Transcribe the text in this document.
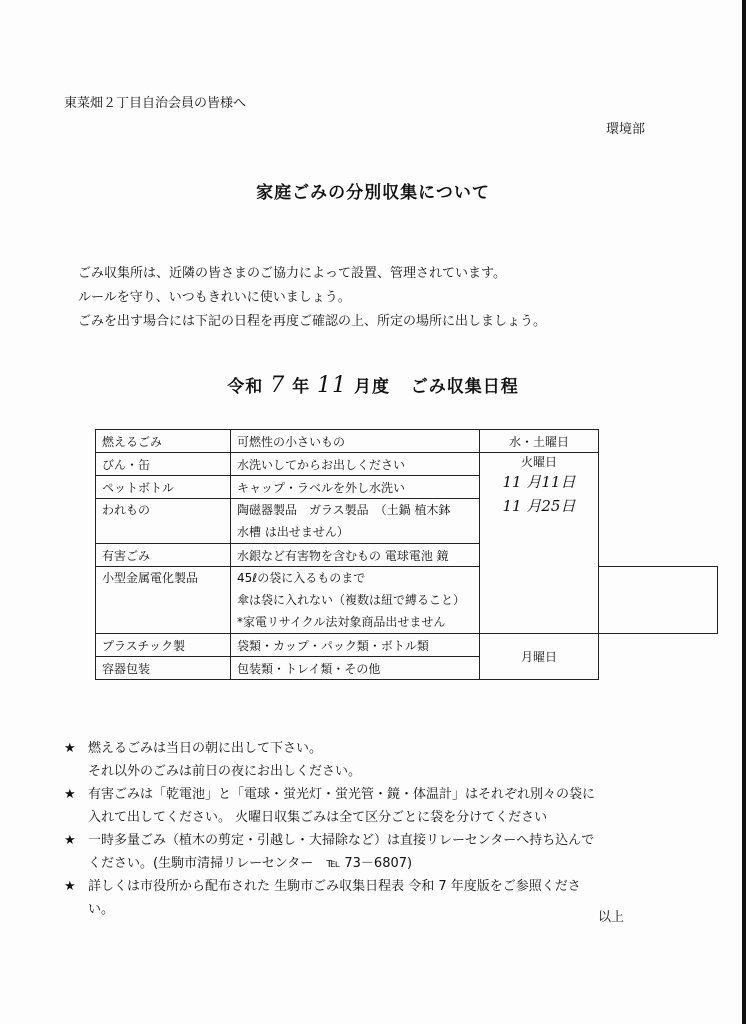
東菜畑２丁目自治会員の皆様へ
環境部
家庭ごみの分別収集について
ごみ収集所は、近隣の皆さまのご協力によって設置、管理されています。
ルールを守り、いつもきれいに使いましょう。
ごみを出す場合には下記の日程を再度ご確認の上、所定の場所に出しましょう。
令和 7 年 11 月度 ごみ収集日程
燃えるごみ	可燃性の小さいもの	水・土曜日	
びん・缶	水洗いしてからお出しください	火曜日
11 月11日
11 月25日	

ペットボトル	キャップ・ラベルを外し水洗い		
われもの	陶磁器製品　ガラス製品　（土鍋 植木鉢
水槽 は出せません）		

有害ごみ	水銀など有害物を含むもの 電球電池 鏡		
小型金属電化製品	45ℓの袋に入るものまで
傘は袋に入れない（複数は紐で縛ること）
*家電リサイクル法対象商品出せません		

プラスチック製	袋類・カップ・パック類・ボトル類	月曜日	
容器包装	包装類・トレイ類・その他		
★ 燃えるごみは当日の朝に出して下さい。
それ以外のごみは前日の夜にお出しください。
★ 有害ごみは「乾電池」と「電球・蛍光灯・蛍光管・鏡・体温計」はそれぞれ別々の袋に
入れて出してください。 火曜日収集ごみは全て区分ごとに袋を分けてください
★ 一時多量ごみ（植木の剪定・引越し・大掃除など）は直接リレーセンターへ持ち込んで
ください。(生駒市清掃リレーセンター　℡ 73－6807)
★ 詳しくは市役所から配布された 生駒市ごみ収集日程表 令和 7 年度版をご参照くださ
い。
以上
